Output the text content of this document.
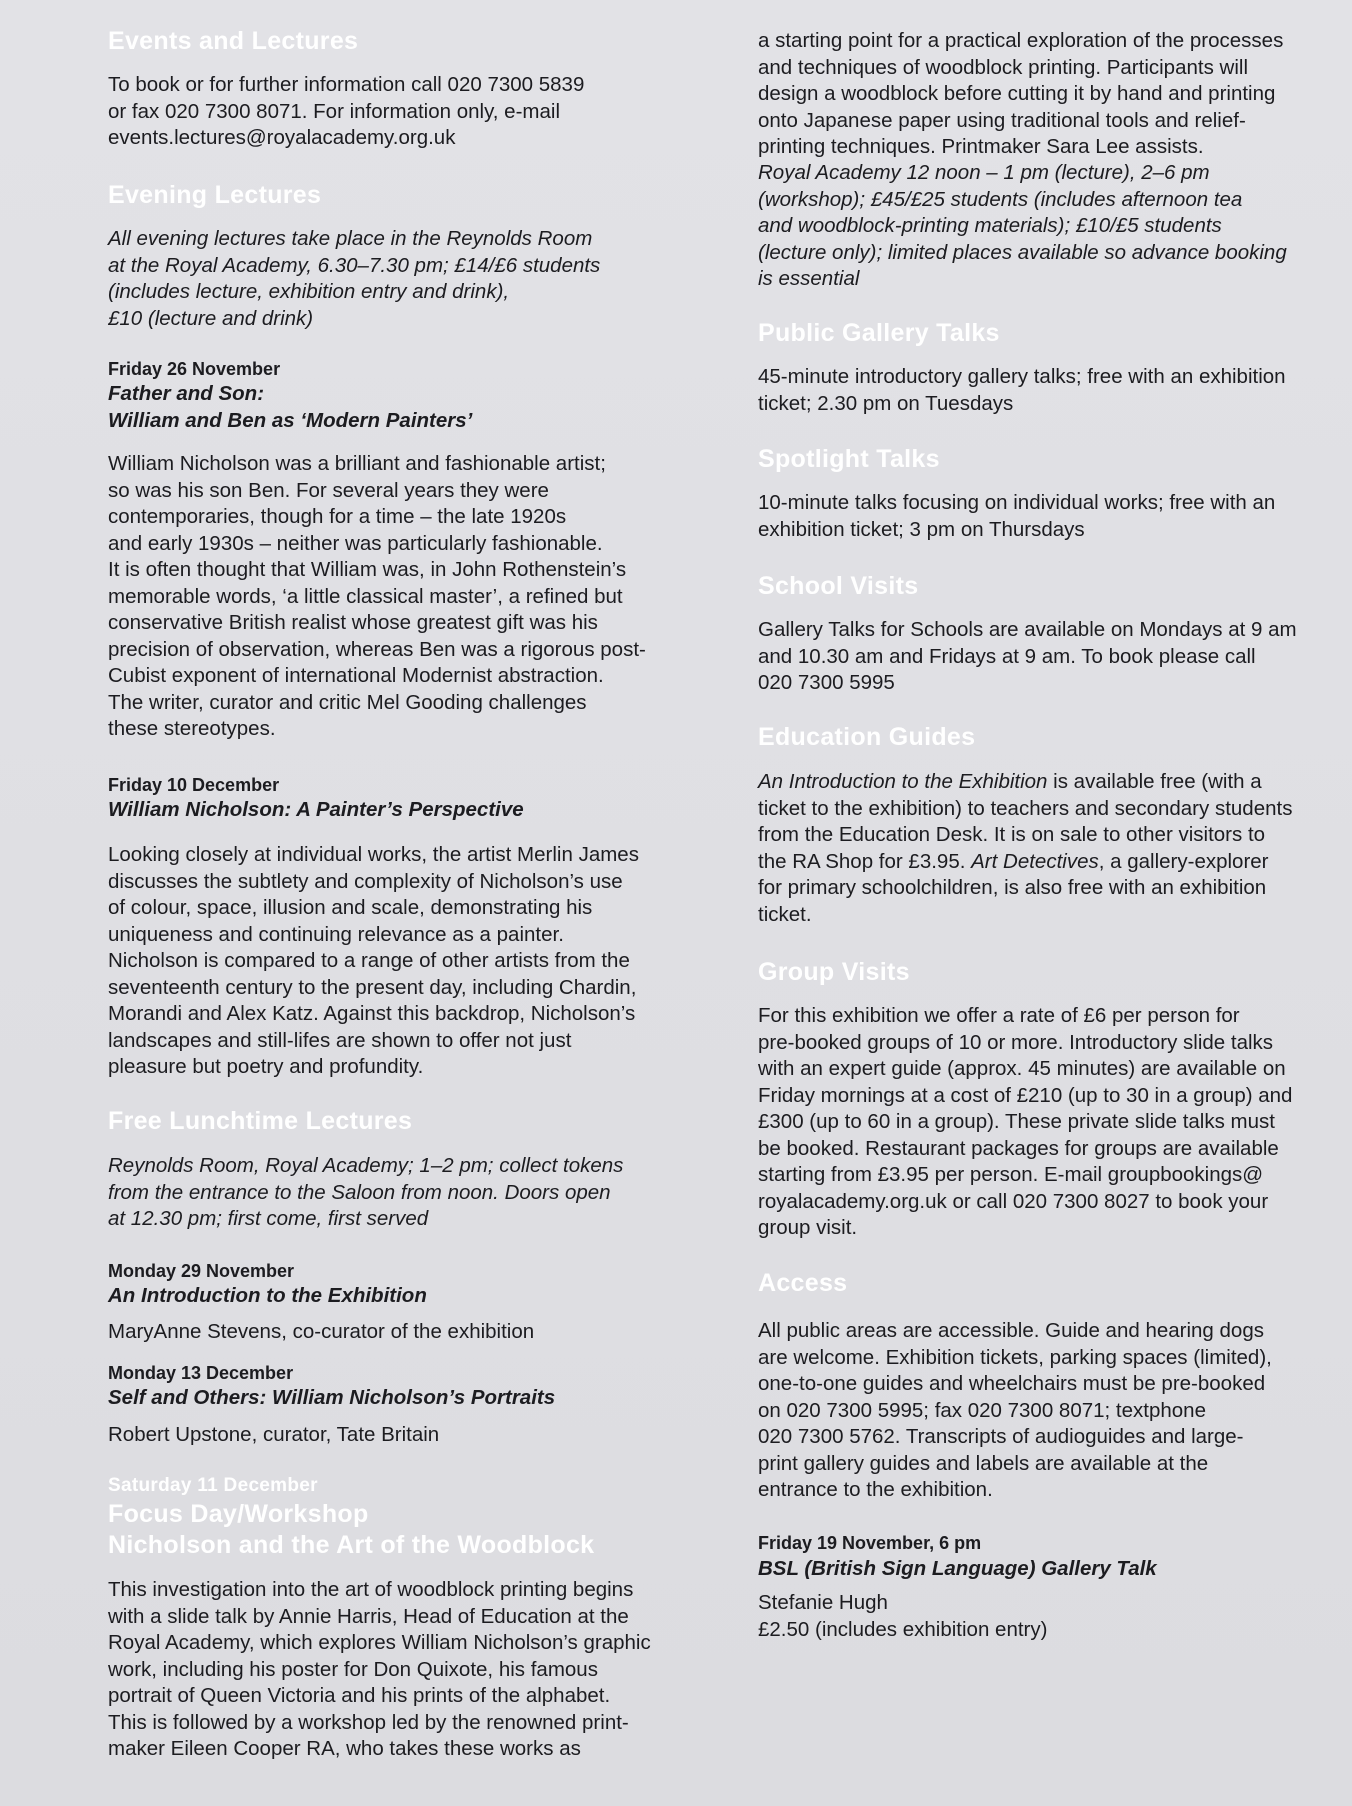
Events and Lectures
To book or for further information call 020 7300 5839
or fax 020 7300 8071. For information only, e-mail
events.lectures@royalacademy.org.uk
Evening Lectures
All evening lectures take place in the Reynolds Room
at the Royal Academy, 6.30–7.30 pm; £14/£6 students
(includes lecture, exhibition entry and drink),
£10 (lecture and drink)
Friday 26 November
Father and Son:
William and Ben as ‘Modern Painters’
William Nicholson was a brilliant and fashionable artist;
so was his son Ben. For several years they were
contemporaries, though for a time – the late 1920s
and early 1930s – neither was particularly fashionable.
It is often thought that William was, in John Rothenstein’s
memorable words, ‘a little classical master’, a refined but
conservative British realist whose greatest gift was his
precision of observation, whereas Ben was a rigorous post-
Cubist exponent of international Modernist abstraction.
The writer, curator and critic Mel Gooding challenges
these stereotypes.
Friday 10 December
William Nicholson: A Painter’s Perspective
Looking closely at individual works, the artist Merlin James
discusses the subtlety and complexity of Nicholson’s use
of colour, space, illusion and scale, demonstrating his
uniqueness and continuing relevance as a painter.
Nicholson is compared to a range of other artists from the
seventeenth century to the present day, including Chardin,
Morandi and Alex Katz. Against this backdrop, Nicholson’s
landscapes and still-lifes are shown to offer not just
pleasure but poetry and profundity.
Free Lunchtime Lectures
Reynolds Room, Royal Academy; 1–2 pm; collect tokens
from the entrance to the Saloon from noon. Doors open
at 12.30 pm; first come, first served
Monday 29 November
An Introduction to the Exhibition
MaryAnne Stevens, co-curator of the exhibition
Monday 13 December
Self and Others: William Nicholson’s Portraits
Robert Upstone, curator, Tate Britain
Saturday 11 December
Focus Day/Workshop
Nicholson and the Art of the Woodblock
This investigation into the art of woodblock printing begins
with a slide talk by Annie Harris, Head of Education at the
Royal Academy, which explores William Nicholson’s graphic
work, including his poster for Don Quixote, his famous
portrait of Queen Victoria and his prints of the alphabet.
This is followed by a workshop led by the renowned print-
maker Eileen Cooper RA, who takes these works as
a starting point for a practical exploration of the processes
and techniques of woodblock printing. Participants will
design a woodblock before cutting it by hand and printing
onto Japanese paper using traditional tools and relief-
printing techniques. Printmaker Sara Lee assists.
Royal Academy 12 noon – 1 pm (lecture), 2–6 pm
(workshop); £45/£25 students (includes afternoon tea
and woodblock-printing materials); £10/£5 students
(lecture only); limited places available so advance booking
is essential
Public Gallery Talks
45-minute introductory gallery talks; free with an exhibition
ticket; 2.30 pm on Tuesdays
Spotlight Talks
10-minute talks focusing on individual works; free with an
exhibition ticket; 3 pm on Thursdays
School Visits
Gallery Talks for Schools are available on Mondays at 9 am
and 10.30 am and Fridays at 9 am. To book please call
020 7300 5995
Education Guides
An Introduction to the Exhibition is available free (with a
ticket to the exhibition) to teachers and secondary students
from the Education Desk. It is on sale to other visitors to
the RA Shop for £3.95. Art Detectives, a gallery-explorer
for primary schoolchildren, is also free with an exhibition
ticket.
Group Visits
For this exhibition we offer a rate of £6 per person for
pre-booked groups of 10 or more. Introductory slide talks
with an expert guide (approx. 45 minutes) are available on
Friday mornings at a cost of £210 (up to 30 in a group) and
£300 (up to 60 in a group). These private slide talks must
be booked. Restaurant packages for groups are available
starting from £3.95 per person. E-mail groupbookings@
royalacademy.org.uk or call 020 7300 8027 to book your
group visit.
Access
All public areas are accessible. Guide and hearing dogs
are welcome. Exhibition tickets, parking spaces (limited),
one-to-one guides and wheelchairs must be pre-booked
on 020 7300 5995; fax 020 7300 8071; textphone
020 7300 5762. Transcripts of audioguides and large-
print gallery guides and labels are available at the
entrance to the exhibition.
Friday 19 November, 6 pm
BSL (British Sign Language) Gallery Talk
Stefanie Hugh
£2.50 (includes exhibition entry)
